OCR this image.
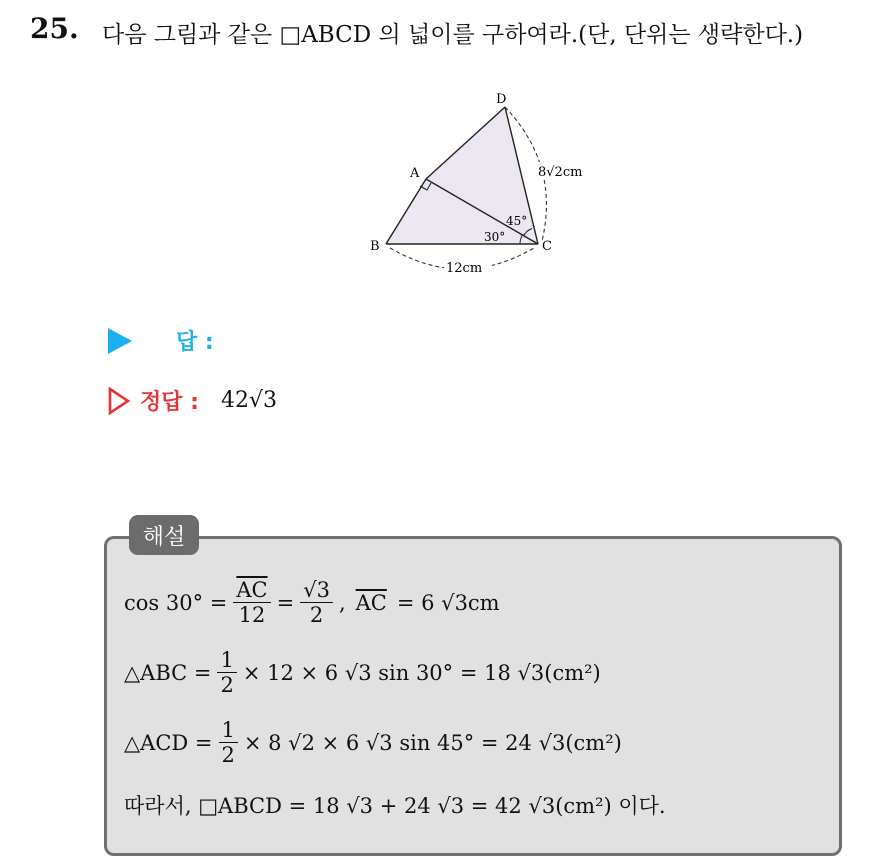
25. 다음 그림과 같은 □ABCD 의 넓이를 구하여라.(단, 단위는 생략한다.)
D
A
B	C
8√2cm
12cm
45°
30°
답 :
정답 : 42√3
해설
$\cos 30^\circ = \frac{\overline{AC}}{12} = \frac{√3}{2}$ , $\overline{AC} = 6$ √3cm
△ABC = $\frac{1}{2} \times 12 \times 6$ √3 sin 30° = 18 √3(cm²)
△ACD = $\frac{1}{2} \times 8$ √2 × 6 √3 sin 45° = 24 √3(cm²)
따라서, □ABCD = 18 √3 + 24 √3 = 42 √3(cm²) 이다.
